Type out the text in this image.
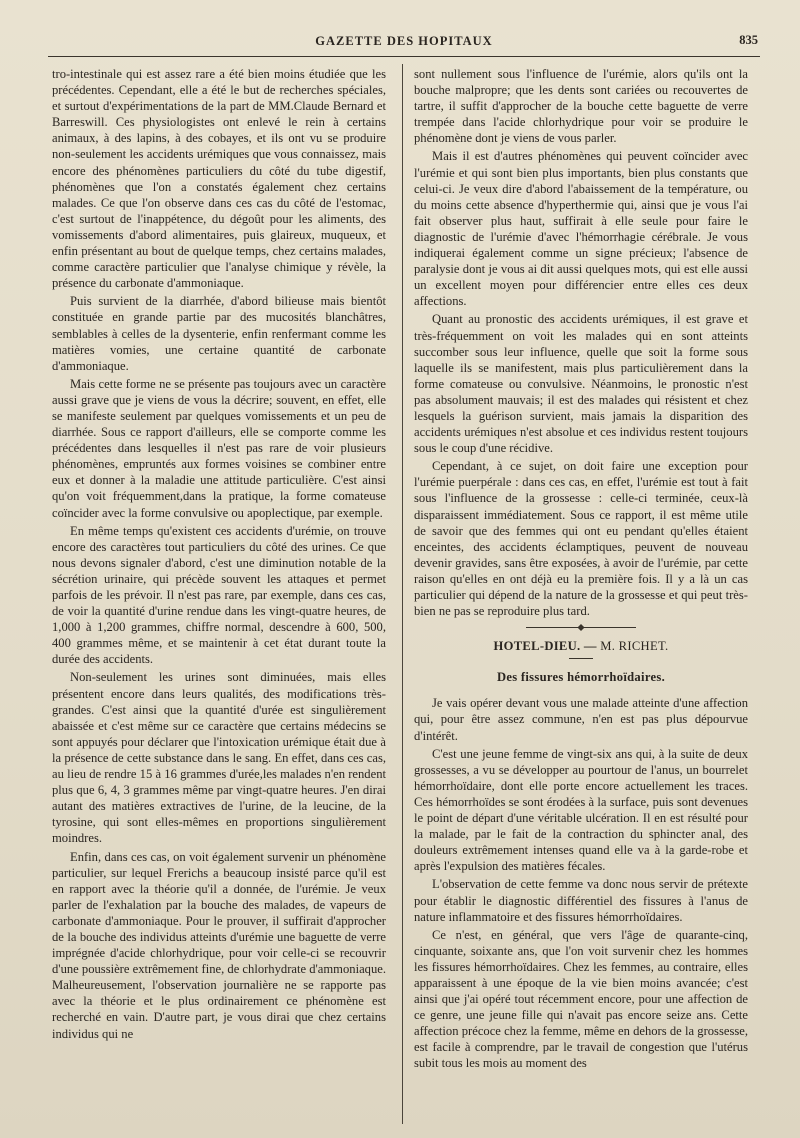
GAZETTE DES HOPITAUX	835

tro-intestinale qui est assez rare a été bien moins étudiée que les précédentes. Cependant, elle a été le but de recherches spéciales, et surtout d'expérimentations de la part de MM.Claude Bernard et Barreswill. Ces physiologistes ont enlevé le rein à certains animaux, à des lapins, à des cobayes, et ils ont vu se produire non-seulement les accidents urémiques que vous connaissez, mais encore des phénomènes particuliers du côté du tube digestif, phénomènes que l'on a constatés également chez certains malades. Ce que l'on observe dans ces cas du côté de l'estomac, c'est surtout de l'inappétence, du dégoût pour les aliments, des vomissements d'abord alimentaires, puis glaireux, muqueux, et enfin présentant au bout de quelque temps, chez certains malades, comme caractère particulier que l'analyse chimique y révèle, la présence du carbonate d'ammoniaque.

Puis survient de la diarrhée, d'abord bilieuse mais bientôt constituée en grande partie par des mucosités blanchâtres, semblables à celles de la dysenterie, enfin renfermant comme les matières vomies, une certaine quantité de carbonate d'ammoniaque.

Mais cette forme ne se présente pas toujours avec un caractère aussi grave que je viens de vous la décrire; souvent, en effet, elle se manifeste seulement par quelques vomissements et un peu de diarrhée. Sous ce rapport d'ailleurs, elle se comporte comme les précédentes dans lesquelles il n'est pas rare de voir plusieurs phénomènes, empruntés aux formes voisines se combiner entre eux et donner à la maladie une attitude particulière. C'est ainsi qu'on voit fréquemment,dans la pratique, la forme comateuse coïncider avec la forme convulsive ou apoplectique, par exemple.

En même temps qu'existent ces accidents d'urémie, on trouve encore des caractères tout particuliers du côté des urines. Ce que nous devons signaler d'abord, c'est une diminution notable de la sécrétion urinaire, qui précède souvent les attaques et permet parfois de les prévoir. Il n'est pas rare, par exemple, dans ces cas, de voir la quantité d'urine rendue dans les vingt-quatre heures, de 1,000 à 1,200 grammes, chiffre normal, descendre à 600, 500, 400 grammes même, et se maintenir à cet état durant toute la durée des accidents.

Non-seulement les urines sont diminuées, mais elles présentent encore dans leurs qualités, des modifications très-grandes. C'est ainsi que la quantité d'urée est singulièrement abaissée et c'est même sur ce caractère que certains médecins se sont appuyés pour déclarer que l'intoxication urémique était due à la présence de cette substance dans le sang. En effet, dans ces cas, au lieu de rendre 15 à 16 grammes d'urée,les malades n'en rendent plus que 6, 4, 3 grammes même par vingt-quatre heures. J'en dirai autant des matières extractives de l'urine, de la leucine, de la tyrosine, qui sont elles-mêmes en proportions singulièrement moindres.

Enfin, dans ces cas, on voit également survenir un phénomène particulier, sur lequel Frerichs a beaucoup insisté parce qu'il est en rapport avec la théorie qu'il a donnée, de l'urémie. Je veux parler de l'exhalation par la bouche des malades, de vapeurs de carbonate d'ammoniaque. Pour le prouver, il suffirait d'approcher de la bouche des individus atteints d'urémie une baguette de verre imprégnée d'acide chlorhydrique, pour voir celle-ci se recouvrir d'une poussière extrêmement fine, de chlorhydrate d'ammoniaque. Malheureusement, l'observation journalière ne se rapporte pas avec la théorie et le plus ordinairement ce phénomène est recherché en vain. D'autre part, je vous dirai que chez certains individus qui ne

sont nullement sous l'influence de l'urémie, alors qu'ils ont la bouche malpropre; que les dents sont cariées ou recouvertes de tartre, il suffit d'approcher de la bouche cette baguette de verre trempée dans l'acide chlorhydrique pour voir se produire le phénomène dont je viens de vous parler.

Mais il est d'autres phénomènes qui peuvent coïncider avec l'urémie et qui sont bien plus importants, bien plus constants que celui-ci. Je veux dire d'abord l'abaissement de la température, ou du moins cette absence d'hyperthermie qui, ainsi que je vous l'ai fait observer plus haut, suffirait à elle seule pour faire le diagnostic de l'urémie d'avec l'hémorrhagie cérébrale. Je vous indiquerai également comme un signe précieux; l'absence de paralysie dont je vous ai dit aussi quelques mots, qui est elle aussi un excellent moyen pour différencier entre elles ces deux affections.

Quant au pronostic des accidents urémiques, il est grave et très-fréquemment on voit les malades qui en sont atteints succomber sous leur influence, quelle que soit la forme sous laquelle ils se manifestent, mais plus particulièrement dans la forme comateuse ou convulsive. Néanmoins, le pronostic n'est pas absolument mauvais; il est des malades qui résistent et chez lesquels la guérison survient, mais jamais la disparition des accidents urémiques n'est absolue et ces individus restent toujours sous le coup d'une récidive.

Cependant, à ce sujet, on doit faire une exception pour l'urémie puerpérale : dans ces cas, en effet, l'urémie est tout à fait sous l'influence de la grossesse : celle-ci terminée, ceux-là disparaissent immédiatement. Sous ce rapport, il est même utile de savoir que des femmes qui ont eu pendant qu'elles étaient enceintes, des accidents éclamptiques, peuvent de nouveau devenir gravides, sans être exposées, à avoir de l'urémie, par cette raison qu'elles en ont déjà eu la première fois. Il y a là un cas particulier qui dépend de la nature de la grossesse et qui peut très-bien ne pas se reproduire plus tard.

HOTEL-DIEU. — M. RICHET.
Des fissures hémorrhoïdaires.

Je vais opérer devant vous une malade atteinte d'une affection qui, pour être assez commune, n'en est pas plus dépourvue d'intérêt.

C'est une jeune femme de vingt-six ans qui, à la suite de deux grossesses, a vu se développer au pourtour de l'anus, un bourrelet hémorrhoïdaire, dont elle porte encore actuellement les traces. Ces hémorrhoïdes se sont érodées à la surface, puis sont devenues le point de départ d'une véritable ulcération. Il en est résulté pour la malade, par le fait de la contraction du sphincter anal, des douleurs extrêmement intenses quand elle va à la garde-robe et après l'expulsion des matières fécales.

L'observation de cette femme va donc nous servir de prétexte pour établir le diagnostic différentiel des fissures à l'anus de nature inflammatoire et des fissures hémorrhoïdaires.

Ce n'est, en général, que vers l'âge de quarante-cinq, cinquante, soixante ans, que l'on voit survenir chez les hommes les fissures hémorrhoïdaires. Chez les femmes, au contraire, elles apparaissent à une époque de la vie bien moins avancée; c'est ainsi que j'ai opéré tout récemment encore, pour une affection de ce genre, une jeune fille qui n'avait pas encore seize ans. Cette affection précoce chez la femme, même en dehors de la grossesse, est facile à comprendre, par le travail de congestion que l'utérus subit tous les mois au moment des
